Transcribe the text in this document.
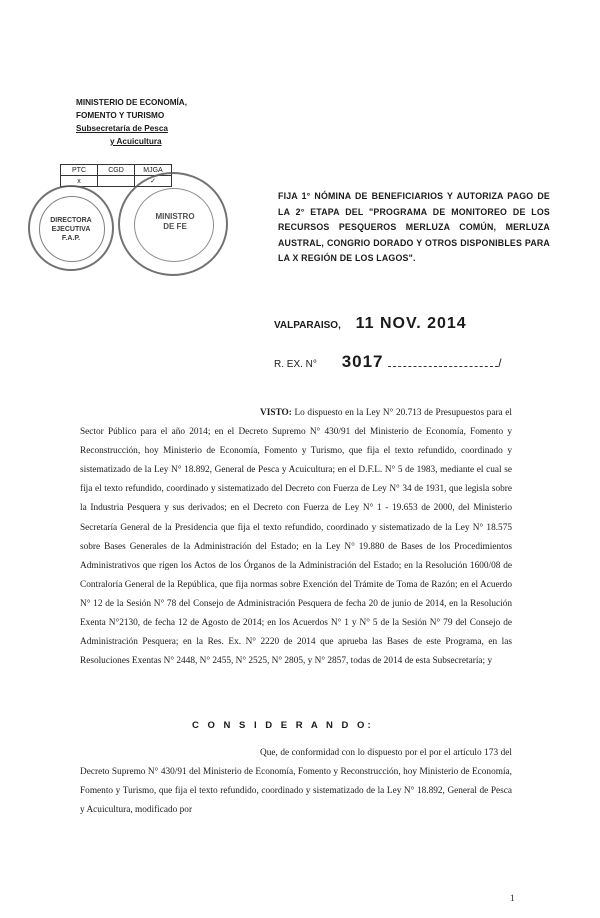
MINISTERIO DE ECONOMÍA,
FOMENTO Y TURISMO
Subsecretaría de Pesca
y Acuicultura
PTC	CGD	MJGA
x		✓
DIRECTORA
EJECUTIVA
F.A.P.
MINISTRO
DE FE
FIJA 1° NÓMINA DE BENEFICIARIOS Y AUTORIZA PAGO DE LA 2° ETAPA DEL "PROGRAMA DE MONITOREO DE LOS RECURSOS PESQUEROS MERLUZA COMÚN, MERLUZA AUSTRAL, CONGRIO DORADO Y OTROS DISPONIBLES PARA LA X REGIÓN DE LOS LAGOS".
VALPARAISO, 11 NOV. 2014
R. EX. N° 3017	/
VISTO: Lo dispuesto en la Ley N° 20.713 de Presupuestos para el Sector Público para el año 2014; en el Decreto Supremo N° 430/91 del Ministerio de Economía, Fomento y Reconstrucción, hoy Ministerio de Economía, Fomento y Turismo, que fija el texto refundido, coordinado y sistematizado de la Ley N° 18.892, General de Pesca y Acuicultura; en el D.F.L. N° 5 de 1983, mediante el cual se fija el texto refundido, coordinado y sistematizado del Decreto con Fuerza de Ley N° 34 de 1931, que legisla sobre la Industria Pesquera y sus derivados; en el Decreto con Fuerza de Ley N° 1 - 19.653 de 2000, del Ministerio Secretaría General de la Presidencia que fija el texto refundido, coordinado y sistematizado de la Ley N° 18.575 sobre Bases Generales de la Administración del Estado; en la Ley N° 19.880 de Bases de los Procedimientos Administrativos que rigen los Actos de los Órganos de la Administración del Estado; en la Resolución 1600/08 de Contraloría General de la República, que fija normas sobre Exención del Trámite de Toma de Razón; en el Acuerdo N° 12 de la Sesión N° 78 del Consejo de Administración Pesquera de fecha 20 de junio de 2014, en la Resolución Exenta N°2130, de fecha 12 de Agosto de 2014; en los Acuerdos N° 1 y N° 5 de la Sesión N° 79 del Consejo de Administración Pesquera; en la Res. Ex. N° 2220 de 2014 que aprueba las Bases de este Programa, en las Resoluciones Exentas N° 2448, N° 2455, N° 2525, N° 2805, y N° 2857, todas de 2014 de esta Subsecretaría; y
C O N S I D E R A N D O:
Que, de conformidad con lo dispuesto por el por el artículo 173 del Decreto Supremo N° 430/91 del Ministerio de Economía, Fomento y Reconstrucción, hoy Ministerio de Economía, Fomento y Turismo, que fija el texto refundido, coordinado y sistematizado de la Ley N° 18.892, General de Pesca y Acuicultura, modificado por
1
